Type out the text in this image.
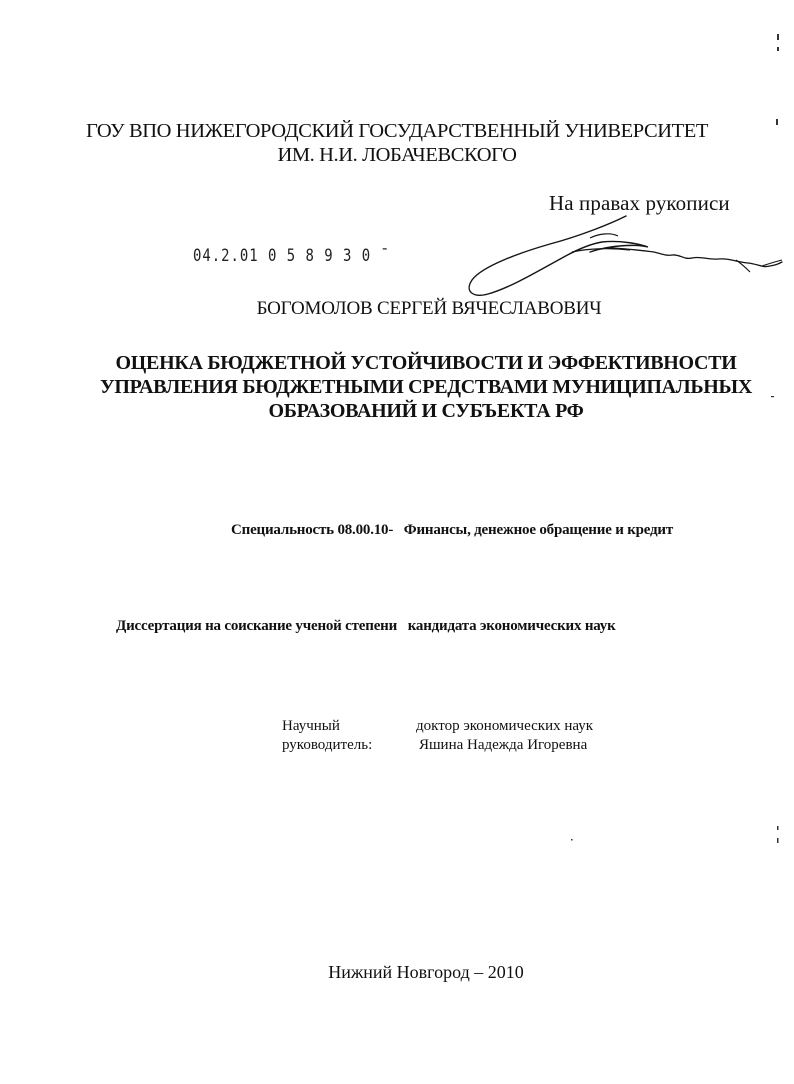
ГОУ ВПО НИЖЕГОРОДСКИЙ ГОСУДАРСТВЕННЫЙ УНИВЕРСИТЕТ
ИМ. Н.И. ЛОБАЧЕВСКОГО
На правах рукописи
04.2.01 0 5 8 9 3 0 ˉ
БОГОМОЛОВ СЕРГЕЙ ВЯЧЕСЛАВОВИЧ
ОЦЕНКА БЮДЖЕТНОЙ УСТОЙЧИВОСТИ И ЭФФЕКТИВНОСТИ
УПРАВЛЕНИЯ БЮДЖЕТНЫМИ СРЕДСТВАМИ МУНИЦИПАЛЬНЫХ
ОБРАЗОВАНИЙ И СУБЪЕКТА РФ
Специальность 08.00.10-   Финансы, денежное обращение и кредит
Диссертация на соискание ученой степени   кандидата экономических наук
Научный
руководитель:
доктор экономических наук
Яшина Надежда Игоревна
Нижний Новгород – 2010
